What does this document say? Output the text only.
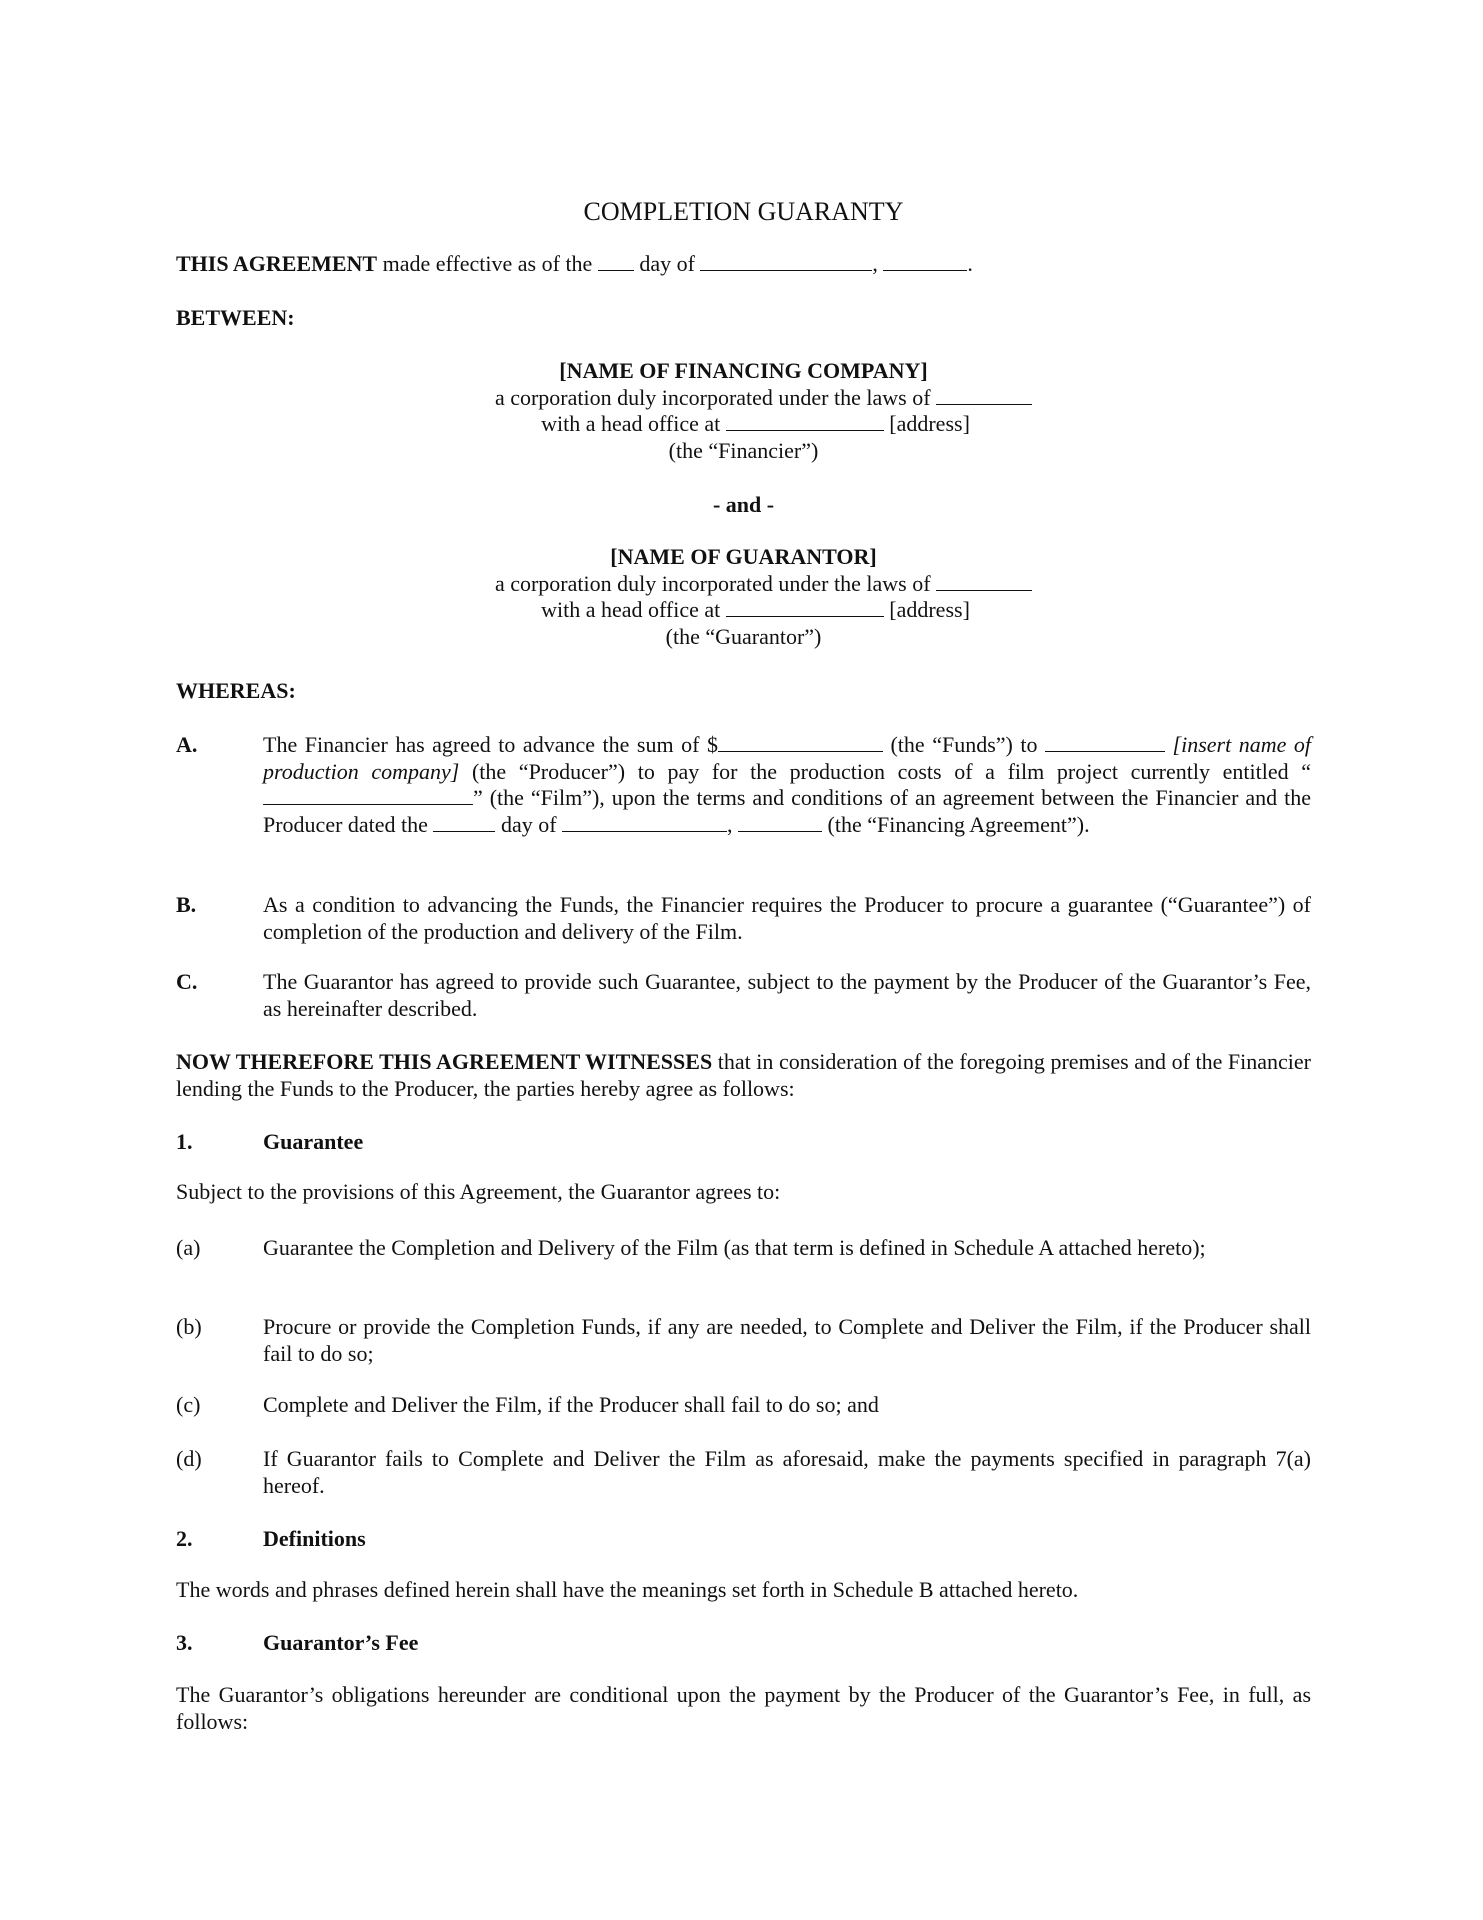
COMPLETION GUARANTY
THIS AGREEMENT made effective as of the  day of	,	.
BETWEEN:
[NAME OF FINANCING COMPANY]
a corporation duly incorporated under the laws of
with a head office at	[address]
(the “Financier”)
- and -
[NAME OF GUARANTOR]
a corporation duly incorporated under the laws of
with a head office at	[address]
(the “Guarantor”)
WHEREAS:
A.	The Financier has agreed to advance the sum of $	(the “Funds”) to	[insert name of production company] (the “Producer”) to pay for the production costs of a film project currently entitled “” (the “Film”), upon the terms and conditions of an agreement between the Financier and the Producer dated the	day of	,	(the “Financing Agreement”).
B.	As a condition to advancing the Funds, the Financier requires the Producer to procure a guarantee (“Guarantee”) of completion of the production and delivery of the Film.
C.	The Guarantor has agreed to provide such Guarantee, subject to the payment by the Producer of the Guarantor’s Fee, as hereinafter described.
NOW THEREFORE THIS AGREEMENT WITNESSES that in consideration of the foregoing premises and of the Financier lending the Funds to the Producer, the parties hereby agree as follows:
1.	Guarantee
Subject to the provisions of this Agreement, the Guarantor agrees to:
(a)	Guarantee the Completion and Delivery of the Film (as that term is defined in Schedule A attached hereto);
(b)	Procure or provide the Completion Funds, if any are needed, to Complete and Deliver the Film, if the Producer shall fail to do so;
(c)	Complete and Deliver the Film, if the Producer shall fail to do so; and
(d)	If Guarantor fails to Complete and Deliver the Film as aforesaid, make the payments specified in paragraph 7(a) hereof.
2.	Definitions
The words and phrases defined herein shall have the meanings set forth in Schedule B attached hereto.
3.	Guarantor’s Fee
The Guarantor’s obligations hereunder are conditional upon the payment by the Producer of the Guarantor’s Fee, in full, as follows:
